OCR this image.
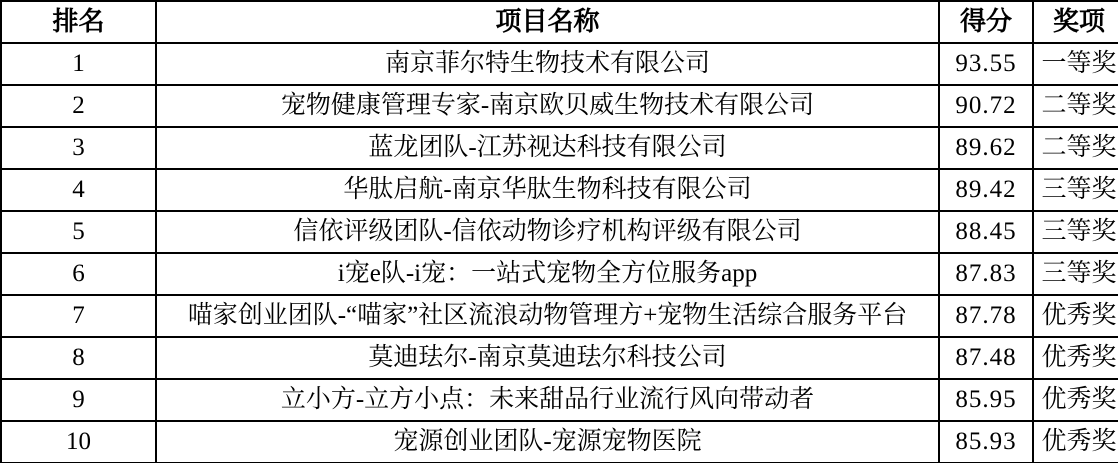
排名	项目名称	得分	奖项
1	南京菲尔特生物技术有限公司	93.55	一等奖
2	宠物健康管理专家-南京欧贝威生物技术有限公司	90.72	二等奖
3	蓝龙团队-江苏视达科技有限公司	89.62	二等奖
4	华肽启航-南京华肽生物科技有限公司	89.42	三等奖
5	信依评级团队-信依动物诊疗机构评级有限公司	88.45	三等奖
6	i宠e队-i宠：一站式宠物全方位服务app	87.83	三等奖
7	喵家创业团队-“喵家”社区流浪动物管理方+宠物生活综合服务平台	87.78	优秀奖
8	莫迪珐尔-南京莫迪珐尔科技公司	87.48	优秀奖
9	立小方-立方小点：未来甜品行业流行风向带动者	85.95	优秀奖
10	宠源创业团队-宠源宠物医院	85.93	优秀奖
